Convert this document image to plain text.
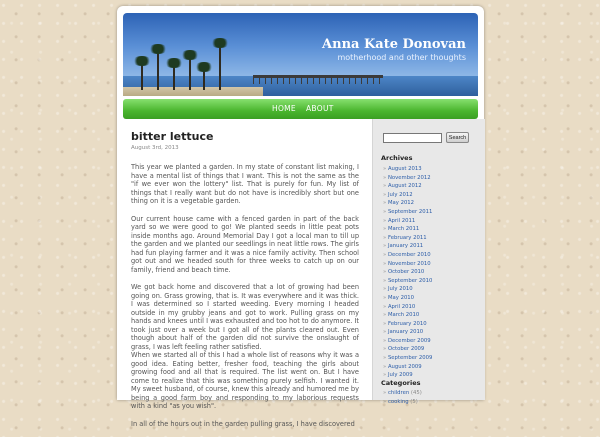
Anna Kate Donovan
motherhood and other thoughts
HOME ABOUT
bitter lettuce
August 3rd, 2013

This year we planted a garden. In my state of constant list making, I have a mental list of things that I want. This is not the same as the "if we ever won the lottery" list. That is purely for fun. My list of things that I really want but do not have is incredibly short but one thing on it is a vegetable garden.

Our current house came with a fenced garden in part of the back yard so we were good to go! We planted seeds in little peat pots inside months ago. Around Memorial Day I got a local man to till up the garden and we planted our seedlings in neat little rows. The girls had fun playing farmer and it was a nice family activity. Then school got out and we headed south for three weeks to catch up on our family, friend and beach time.

We got back home and discovered that a lot of growing had been going on. Grass growing, that is. It was everywhere and it was thick. I was determined so I started weeding. Every morning I headed outside in my grubby jeans and got to work. Pulling grass on my hands and knees until I was exhausted and too hot to do anymore. It took just over a week but I got all of the plants cleared out. Even though about half of the garden did not survive the onslaught of grass, I was left feeling rather satisfied.
When we started all of this I had a whole list of reasons why it was a good idea. Eating better, fresher food, teaching the girls about growing food and all that is required. The list went on. But I have come to realize that this was something purely selfish. I wanted it. My sweet husband, of course, knew this already and humored me by being a good farm boy and responding to my laborious requests with a kind "as you wish".

In all of the hours out in the garden pulling grass, I have discovered

Search
Archives
» August 2013
» November 2012
» August 2012
» July 2012
» May 2012
» September 2011
» April 2011
» March 2011
» February 2011
» January 2011
» December 2010
» November 2010
» October 2010
» September 2010
» July 2010
» May 2010
» April 2010
» March 2010
» February 2010
» January 2010
» December 2009
» October 2009
» September 2009
» August 2009
» July 2009
Categories
» children (45)
» cooking (5)
